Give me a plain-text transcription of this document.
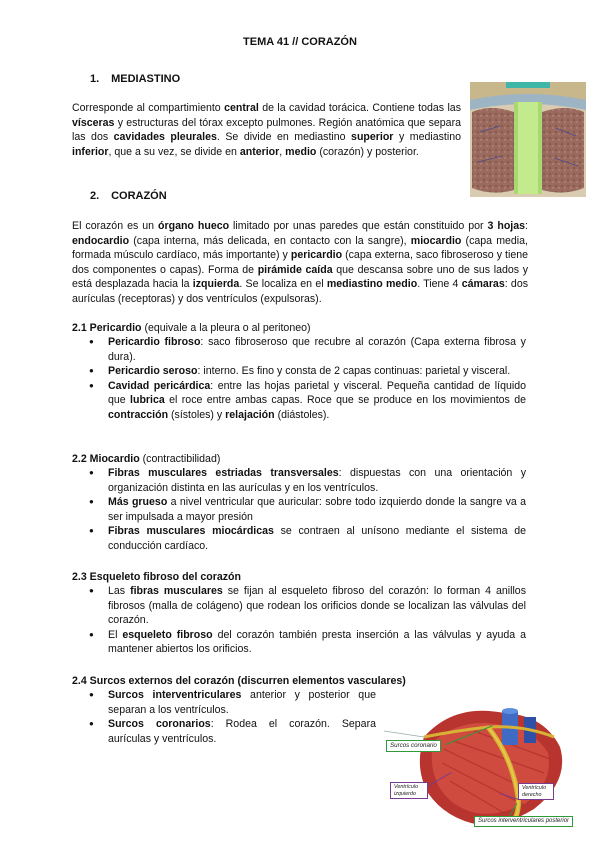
TEMA 41 // CORAZÓN
1. MEDIASTINO

Corresponde al compartimiento central de la cavidad torácica. Contiene todas las vísceras y estructuras del tórax excepto pulmones. Región anatómica que separa las dos cavidades pleurales. Se divide en mediastino superior y mediastino inferior, que a su vez, se divide en anterior, medio (corazón) y posterior.

2. CORAZÓN

El corazón es un órgano hueco limitado por unas paredes que están constituido por 3 hojas: endocardio (capa interna, más delicada, en contacto con la sangre), miocardio (capa media, formada músculo cardíaco, más importante) y pericardio (capa externa, saco fibroseroso y tiene dos componentes o capas). Forma de pirámide caída que descansa sobre uno de sus lados y está desplazada hacia la izquierda. Se localiza en el mediastino medio. Tiene 4 cámaras: dos aurículas (receptoras) y dos ventrículos (expulsoras).

2.1 Pericardio (equivale a la pleura o al peritoneo)
● Pericardio fibroso: saco fibroseroso que recubre al corazón (Capa externa fibrosa y dura).
● Pericardio seroso: interno. Es fino y consta de 2 capas continuas: parietal y visceral.
● Cavidad pericárdica: entre las hojas parietal y visceral. Pequeña cantidad de líquido que lubrica el roce entre ambas capas. Roce que se produce en los movimientos de contracción (sístoles) y relajación (diástoles).
2.2 Miocardio (contractibilidad)
● Fibras musculares estriadas transversales: dispuestas con una orientación y organización distinta en las aurículas y en los ventrículos.
● Más grueso a nivel ventricular que auricular: sobre todo izquierdo donde la sangre va a ser impulsada a mayor presión
● Fibras musculares miocárdicas se contraen al unísono mediante el sistema de conducción cardíaco.
2.3 Esqueleto fibroso del corazón
● Las fibras musculares se fijan al esqueleto fibroso del corazón: lo forman 4 anillos fibrosos (malla de colágeno) que rodean los orificios donde se localizan las válvulas del corazón.
● El esqueleto fibroso del corazón también presta inserción a las válvulas y ayuda a mantener abiertos los orificios.
2.4 Surcos externos del corazón (discurren elementos vasculares)
● Surcos interventriculares anterior y posterior que separan a los ventrículos.
● Surcos coronarios: Rodea el corazón. Separa aurículas y ventrículos.
Surcos coronario
Ventrículo izquierdo
Ventrículo derecho
Surcos interventriculares posterior
